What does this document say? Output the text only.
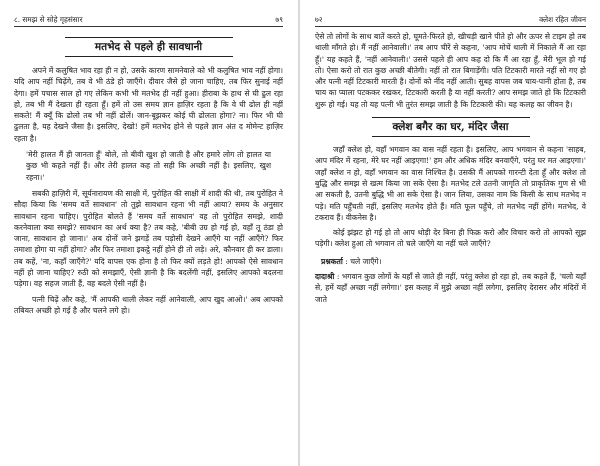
८. समझ से सोहे गृहसंसार	७९
मतभेद से पहले ही सावधानी

अपने में कलुषित भाव रहा ही न हो, उसके कारण सामनेवाले को भी कलुषित भाव नहीं होगा। यदि आप नहीं चिढ़ेंगे, तब वे भी ठंडे हो जाएँगे। दीवार जैसे हो जाना चाहिए, तब फिर सुनाई नहीं देगा। हमें पचास साल हो गए लेकिन कभी भी मतभेद ही नहीं हुआ। हीराबा के हाथ से घी ढुल रहा हो, तब भी मैं देखता ही रहता हूँ। हमें तो उस समय ज्ञान हाज़िर रहता है कि वे घी ढोल ही नहीं सकते! मैं क्यूँ कि ढोलो तब भी नहीं ढोलें। जान-बूझकर कोई घी ढोलता होगा? ना। फिर भी घी ढुलता है, यह देखने जैसा है। इसलिए, देखो! हमें मतभेद होने से पहले ज्ञान अंत द मोमेन्ट हाज़िर रहता है।

'मेरी हालत मैं ही जानता हूँ' बोले, तो बीवी खुश हो जाती है और हमारे लोग तो हालत या कुछ भी कहते नहीं हैं। और तेरी हालत कह तो सही कि अच्छी नहीं है। इसलिए, खुश रहना।'

सबकी हाज़िरी में, सूर्यनारायण की साक्षी में, पुरोहित की साक्षी में शादी की थी, तब पुरोहित ने सौदा किया कि 'समय वर्ते सावधान' तो तुझे सावधान रहना भी नहीं आया? समय के अनुसार सावधान रहना चाहिए। पुरोहित बोलते हैं 'समय वर्ते सावधान' वह तो पुरोहित समझे, शादी करनेवाला क्या समझे? सावधान का अर्थ क्या है? तब कहे, 'बीबी उग्र हो गई हो, वहाँ तू ठंडा हो जाना, सावधान हो जाना।' अब दोनों जने झगड़ें तब पड़ोसी देखने आएँगे या नहीं आएँगे? फिर तमाशा होगा या नहीं होगा? और फिर तमाशा इकट्ठे नहीं होने ही तो लड़े। अरे, कौनवार ही कर डाला। तब कहें, 'ना, कहाँ जाएँगे?' यदि वापस एक होना है तो फिर क्यों लड़ते हो! आपको ऐसे सावधान नहीं हो जाना चाहिए? रुठी को समझाएँ, ऐसी ज्ञानी है कि बदलेंगी नहीं, इसलिए आपको बदलना पड़ेगा। वह सहज जाती हैं, वह बदले ऐसी नहीं है।

पत्नी चिढ़ें और कहे, 'मैं आपकी थाली लेकर नहीं आनेवाली, आप खुद आओ।' अब आपको तबियत अच्छी हो गई है और चलने लगे हो।

७२	क्लेश रहित जीवन

ऐसे तो लोगों के साथ बातें करते हो, घूमते-फिरते हो, खीचड़ी खाने पीते हो और ऊपर से टाइम हो तब थाली माँगते हो। मैं नहीं आनेवाली।' तब आप चीरें से कहना, 'आप मोचें थाली में निकाले मैं आ रहा हूँ।' यह कहते हैं, 'नहीं आनेवाली।' उससे पहले ही आप कह दो कि मैं आ रहा हूँ, मेरी भूल हो गई तो। ऐसा करो तो रात कुछ अच्छी बीतेगी। नहीं तो रात बिगाड़ेंगी। पति टिटकारी मारते नहीं सो गए हो और पत्नी नहीं टिटकारी मारती है। दोनों को नींद नहीं आती। सुबह वापस जब चाय-पानी होता है, तब चाय का प्याला पटककर रखकर, टिटकारी करती है या नहीं करती? आप समझ जाते हो कि टिटकारी शुरू हो गई। यह तो यह पत्नी भी तुरंत समझ जाती है कि टिटकारी की। यह कलह का जीवन है।

क्लेश बगैर का घर, मंदिर जैसा

जहाँ क्लेश हो, वहाँ भगवान का वास नहीं रहता है। इसलिए, आप भगवान से कहना 'साहब, आप मंदिर में रहना, मेरे घर नहीं आइएगा!' हम और अधिक मंदिर बनवाएँगे, परंतु घर मत आइएगा।' जहाँ क्लेश न हो, वहाँ भगवान का वास निश्चित है। उसकी मैं आपको गारन्टी देता हूँ और क्लेश तो बुद्धि और समझ से खत्म किया जा सके ऐसा है। मतभेद टले उतनी जागृति तो प्राकृतिक गुण से भी आ सकती है, उतनी बुद्धि भी आ सके ऐसा है। जान लिया, उसका नाम कि किसी के साथ मतभेद न पड़े। मति पहुँचती नहीं, इसलिए मतभेद होते हैं। मति फूल पहुँचे, तो मतभेद नहीं होंगे। मतभेद, वे टकराव हैं। वीकनेस है।

कोई झंझट हो गई हो तो आप थोड़ी देर बिना ही फिक्र करो और विचार करो तो आपको सूझ पड़ेगी। क्लेश हुआ तो भगवान तो चले जाएँगे या नहीं चले जाएँगे?

प्रश्नकर्ता : चले जाएँगे।
दादाश्री : भगवान कुछ लोगों के यहाँ से जाते ही नहीं, परंतु क्लेश हो रहा हो, तब कहते हैं, 'चलो यहाँ से, हमें यहाँ अच्छा नहीं लगेगा।' इस कलह में मुझे अच्छा नहीं लगेगा, इसलिए देरासर और मंदिरों में जाते
